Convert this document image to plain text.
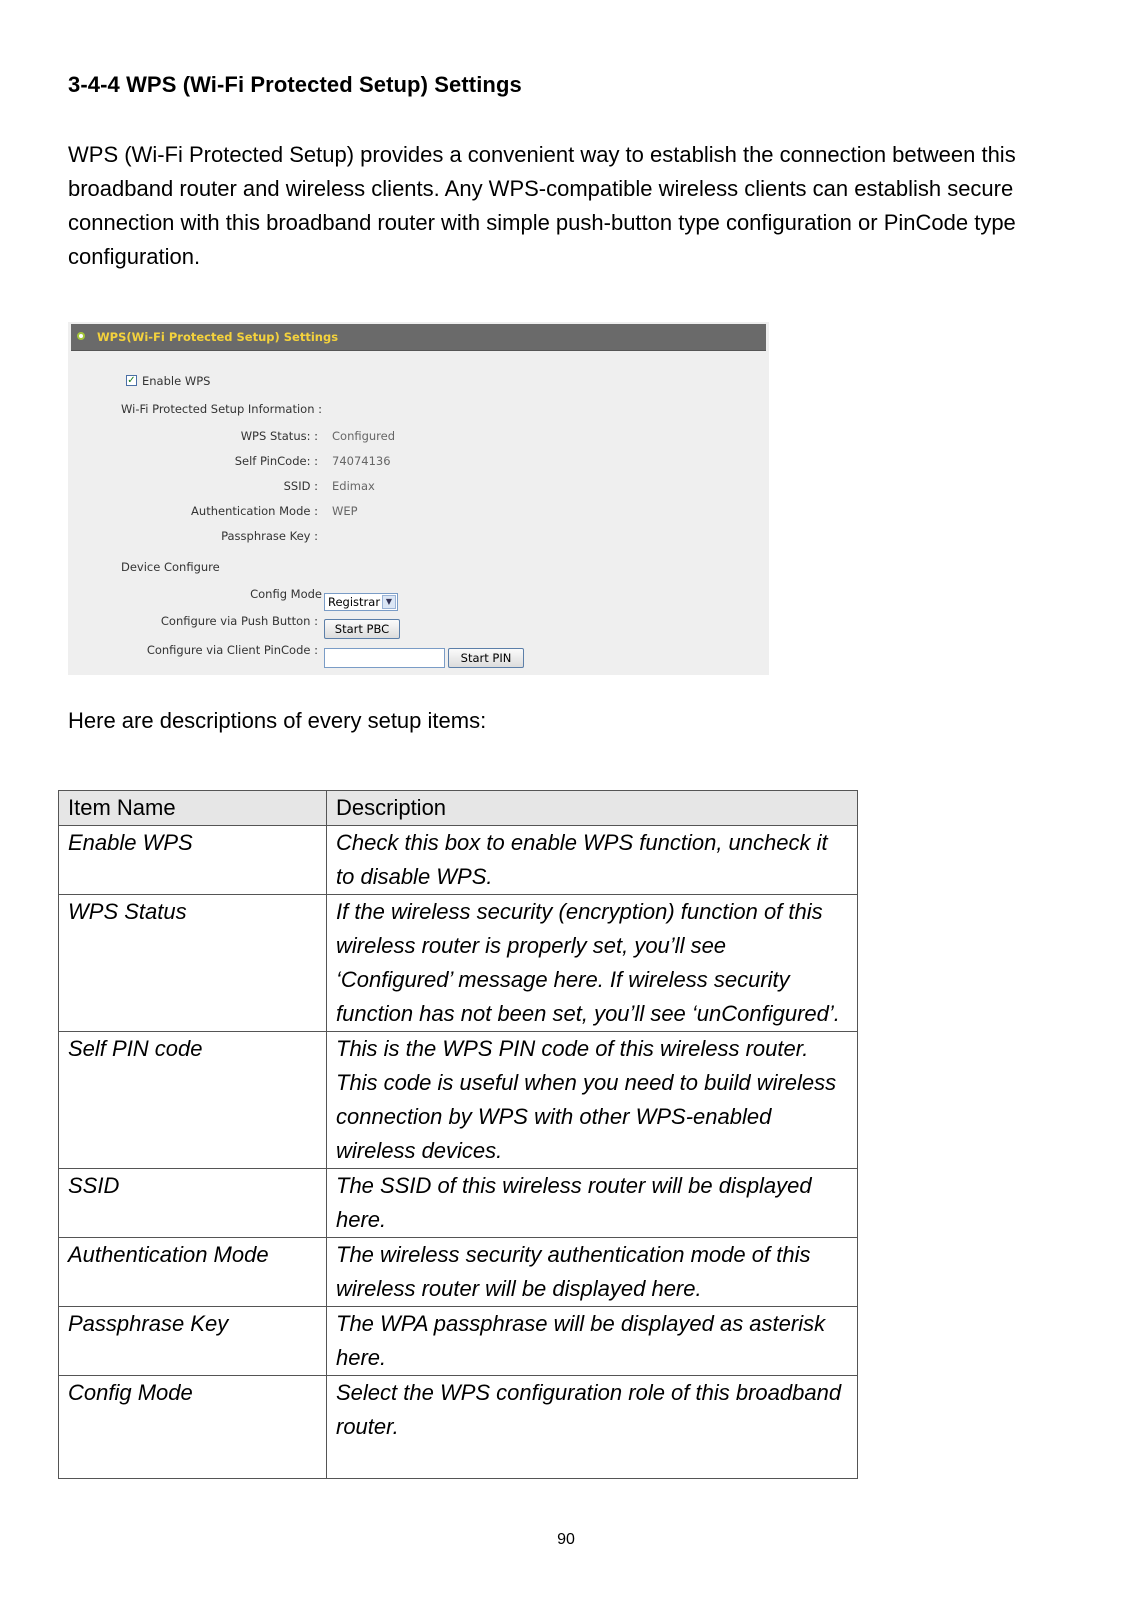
3-4-4 WPS (Wi-Fi Protected Setup) Settings
WPS (Wi-Fi Protected Setup) provides a convenient way to establish the connection between this broadband router and wireless clients. Any WPS-compatible wireless clients can establish secure connection with this broadband router with simple push-button type configuration or PinCode type configuration.
WPS(Wi-Fi Protected Setup) Settings
✓ Enable WPS
Wi-Fi Protected Setup Information :
WPS Status: : Configured
Self PinCode: : 74074136
SSID : Edimax
Authentication Mode : WEP
Passphrase Key :
Device Configure
Config Mode
Registrar ▼
Configure via Push Button :
Start PBC
Configure via Client PinCode :
Start PIN
Here are descriptions of every setup items:
Item Name	Description
Enable WPS	Check this box to enable WPS function, uncheck it to disable WPS.
WPS Status	If the wireless security (encryption) function of this wireless router is properly set, you’ll see ‘Configured’ message here. If wireless security function has not been set, you’ll see ‘unConfigured’.
Self PIN code	This is the WPS PIN code of this wireless router. This code is useful when you need to build wireless connection by WPS with other WPS-enabled wireless devices.
SSID	The SSID of this wireless router will be displayed here.
Authentication Mode	The wireless security authentication mode of this wireless router will be displayed here.
Passphrase Key	The WPA passphrase will be displayed as asterisk here.
Config Mode	Select the WPS configuration role of this broadband router.
90
